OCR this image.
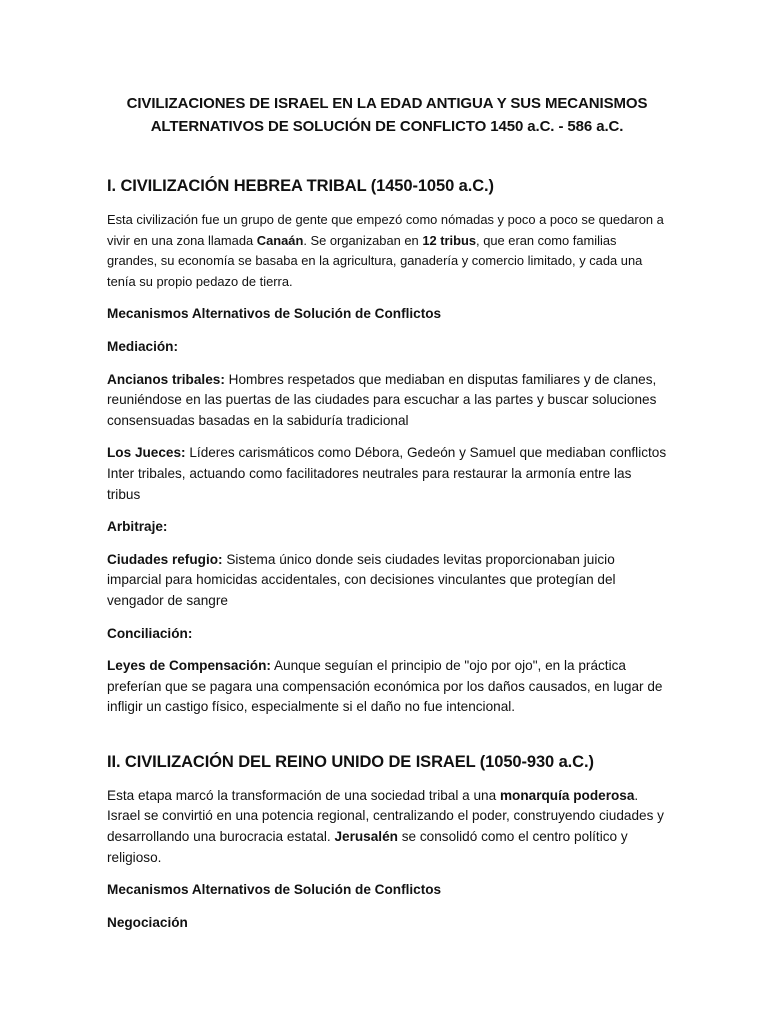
CIVILIZACIONES DE ISRAEL EN LA EDAD ANTIGUA Y SUS MECANISMOS ALTERNATIVOS DE SOLUCIÓN DE CONFLICTO 1450 a.C. - 586 a.C.
I. CIVILIZACIÓN HEBREA TRIBAL (1450-1050 a.C.)

Esta civilización fue un grupo de gente que empezó como nómadas y poco a poco se quedaron a vivir en una zona llamada Canaán. Se organizaban en 12 tribus, que eran como familias grandes, su economía se basaba en la agricultura, ganadería y comercio limitado, y cada una tenía su propio pedazo de tierra.

Mecanismos Alternativos de Solución de Conflictos

Mediación:

Ancianos tribales: Hombres respetados que mediaban en disputas familiares y de clanes, reuniéndose en las puertas de las ciudades para escuchar a las partes y buscar soluciones consensuadas basadas en la sabiduría tradicional

Los Jueces: Líderes carismáticos como Débora, Gedeón y Samuel que mediaban conflictos Inter tribales, actuando como facilitadores neutrales para restaurar la armonía entre las tribus

Arbitraje:

Ciudades refugio: Sistema único donde seis ciudades levitas proporcionaban juicio imparcial para homicidas accidentales, con decisiones vinculantes que protegían del vengador de sangre

Conciliación:

Leyes de Compensación: Aunque seguían el principio de "ojo por ojo", en la práctica preferían que se pagara una compensación económica por los daños causados, en lugar de infligir un castigo físico, especialmente si el daño no fue intencional.

II. CIVILIZACIÓN DEL REINO UNIDO DE ISRAEL (1050-930 a.C.)

Esta etapa marcó la transformación de una sociedad tribal a una monarquía poderosa. Israel se convirtió en una potencia regional, centralizando el poder, construyendo ciudades y desarrollando una burocracia estatal. Jerusalén se consolidó como el centro político y religioso.

Mecanismos Alternativos de Solución de Conflictos

Negociación
